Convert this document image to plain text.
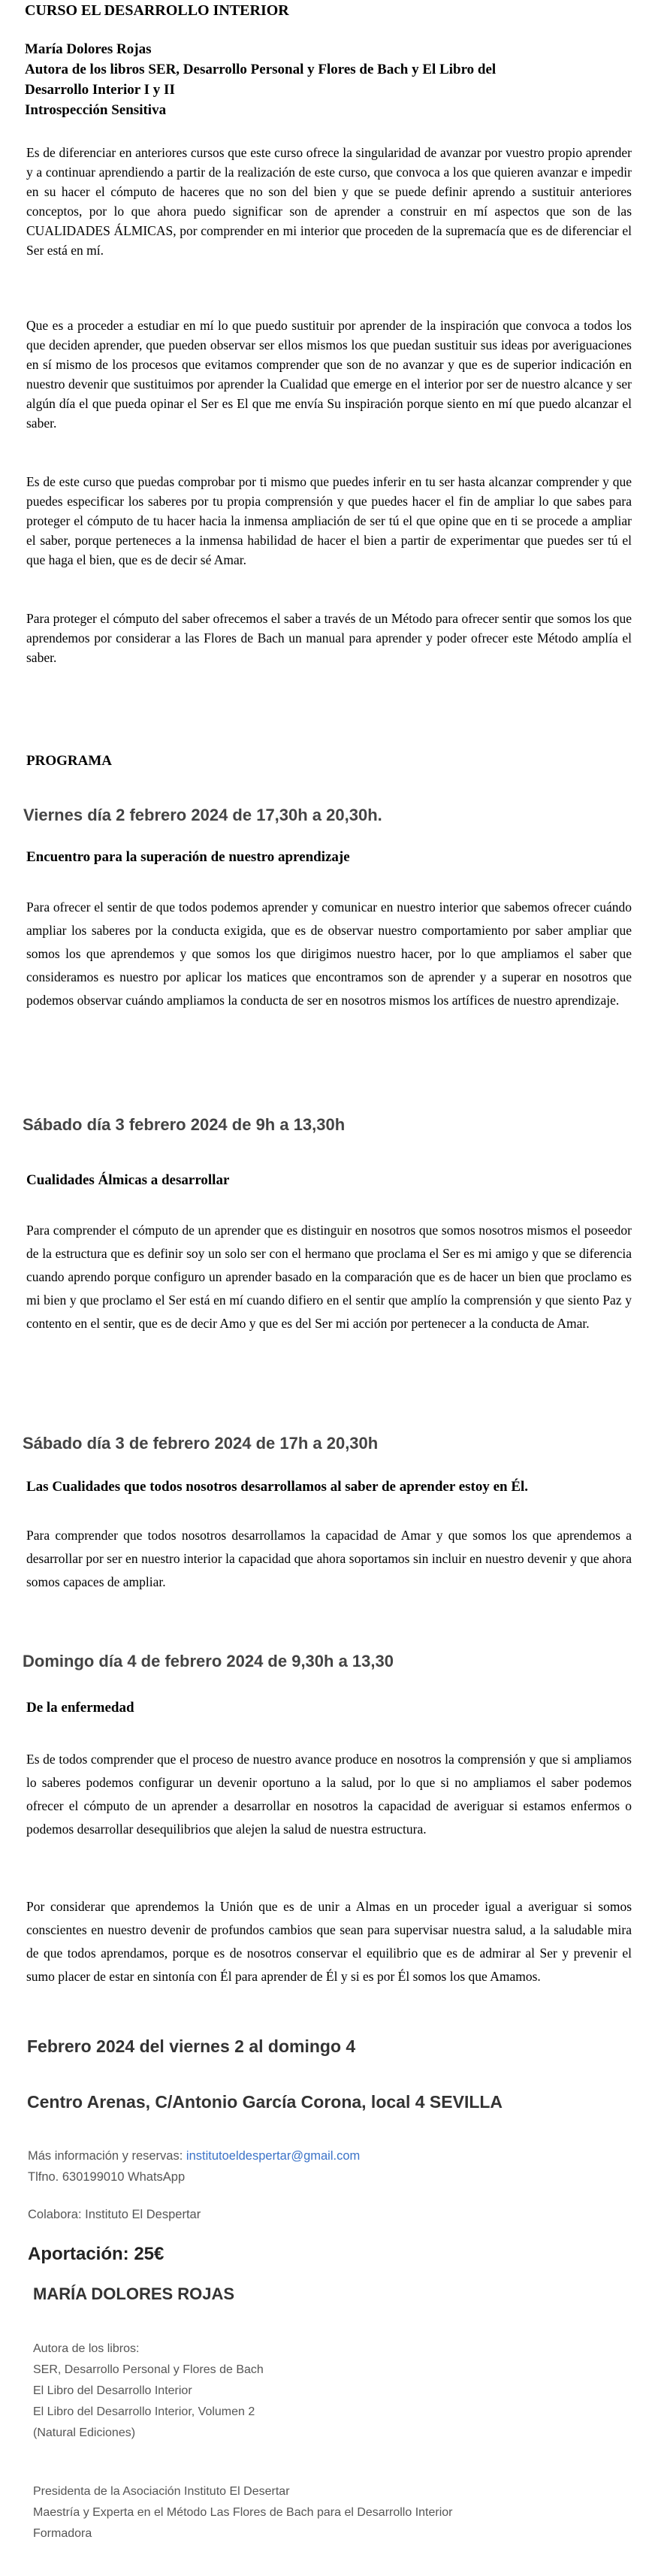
CURSO EL DESARROLLO INTERIOR
María Dolores Rojas
Autora de los libros SER, Desarrollo Personal y Flores de Bach y El Libro del
Desarrollo Interior I y II
Introspección Sensitiva

Es de diferenciar en anteriores cursos que este curso ofrece la singularidad de avanzar por vuestro propio aprender y a continuar aprendiendo a partir de la realización de este curso, que convoca a los que quieren avanzar e impedir en su hacer el cómputo de haceres que no son del bien y que se puede definir aprendo a sustituir anteriores conceptos, por lo que ahora puedo significar son de aprender a construir en mí aspectos que son de las CUALIDADES ÁLMICAS, por comprender en mi interior que proceden de la supremacía que es de diferenciar el Ser está en mí.

Que es a proceder a estudiar en mí lo que puedo sustituir por aprender de la inspiración que convoca a todos los que deciden aprender, que pueden observar ser ellos mismos los que puedan sustituir sus ideas por averiguaciones en sí mismo de los procesos que evitamos comprender que son de no avanzar y que es de superior indicación en nuestro devenir que sustituimos por aprender la Cualidad que emerge en el interior por ser de nuestro alcance y ser algún día el que pueda opinar el Ser es El que me envía Su inspiración porque siento en mí que puedo alcanzar el saber.

Es de este curso que puedas comprobar por ti mismo que puedes inferir en tu ser hasta alcanzar comprender y que puedes especificar los saberes por tu propia comprensión y que puedes hacer el fin de ampliar lo que sabes para proteger el cómputo de tu hacer hacia la inmensa ampliación de ser tú el que opine que en ti se procede a ampliar el saber, porque perteneces a la inmensa habilidad de hacer el bien a partir de experimentar que puedes ser tú el que haga el bien, que es de decir sé Amar.

Para proteger el cómputo del saber ofrecemos el saber a través de un Método para ofrecer sentir que somos los que aprendemos por considerar a las Flores de Bach un manual para aprender y poder ofrecer este Método amplía el saber.

PROGRAMA
Viernes día 2 febrero 2024 de 17,30h a 20,30h.
Encuentro para la superación de nuestro aprendizaje

Para ofrecer el sentir de que todos podemos aprender y comunicar en nuestro interior que sabemos ofrecer cuándo ampliar los saberes por la conducta exigida, que es de observar nuestro comportamiento por saber ampliar que somos los que aprendemos y que somos los que dirigimos nuestro hacer, por lo que ampliamos el saber que consideramos es nuestro por aplicar los matices que encontramos son de aprender y a superar en nosotros que podemos observar cuándo ampliamos la conducta de ser en nosotros mismos los artífices de nuestro aprendizaje.

Sábado día 3 febrero 2024 de 9h a 13,30h
Cualidades Álmicas a desarrollar

Para comprender el cómputo de un aprender que es distinguir en nosotros que somos nosotros mismos el poseedor de la estructura que es definir soy un solo ser con el hermano que proclama el Ser es mi amigo y que se diferencia cuando aprendo porque configuro un aprender basado en la comparación que es de hacer un bien que proclamo es mi bien y que proclamo el Ser está en mí cuando difiero en el sentir que amplío la comprensión y que siento Paz y contento en el sentir, que es de decir Amo y que es del Ser mi acción por pertenecer a la conducta de Amar.

Sábado día 3 de febrero 2024 de 17h a 20,30h
Las Cualidades que todos nosotros desarrollamos al saber de aprender estoy en Él.

Para comprender que todos nosotros desarrollamos la capacidad de Amar y que somos los que aprendemos a desarrollar por ser en nuestro interior la capacidad que ahora soportamos sin incluir en nuestro devenir y que ahora somos capaces de ampliar.

Domingo día 4 de febrero 2024 de 9,30h a 13,30
De la enfermedad

Es de todos comprender que el proceso de nuestro avance produce en nosotros la comprensión y que si ampliamos lo saberes podemos configurar un devenir oportuno a la salud, por lo que si no ampliamos el saber podemos ofrecer el cómputo de un aprender a desarrollar en nosotros la capacidad de averiguar si estamos enfermos o podemos desarrollar desequilibrios que alejen la salud de nuestra estructura.

Por considerar que aprendemos la Unión que es de unir a Almas en un proceder igual a averiguar si somos conscientes en nuestro devenir de profundos cambios que sean para supervisar nuestra salud, a la saludable mira de que todos aprendamos, porque es de nosotros conservar el equilibrio que es de admirar al Ser y prevenir el sumo placer de estar en sintonía con Él para aprender de Él y si es por Él somos los que Amamos.

Febrero 2024 del viernes 2 al domingo 4
Centro Arenas, C/Antonio García Corona, local 4 SEVILLA
Más información y reservas: institutoeldespertar@gmail.com
Tlfno. 630199010 WhatsApp
Colabora: Instituto El Despertar
Aportación: 25€
MARÍA DOLORES ROJAS
Autora de los libros:
SER, Desarrollo Personal y Flores de Bach
El Libro del Desarrollo Interior
El Libro del Desarrollo Interior, Volumen 2
(Natural Ediciones)
Presidenta de la Asociación Instituto El Desertar
Maestría y Experta en el Método Las Flores de Bach para el Desarrollo Interior
Formadora
